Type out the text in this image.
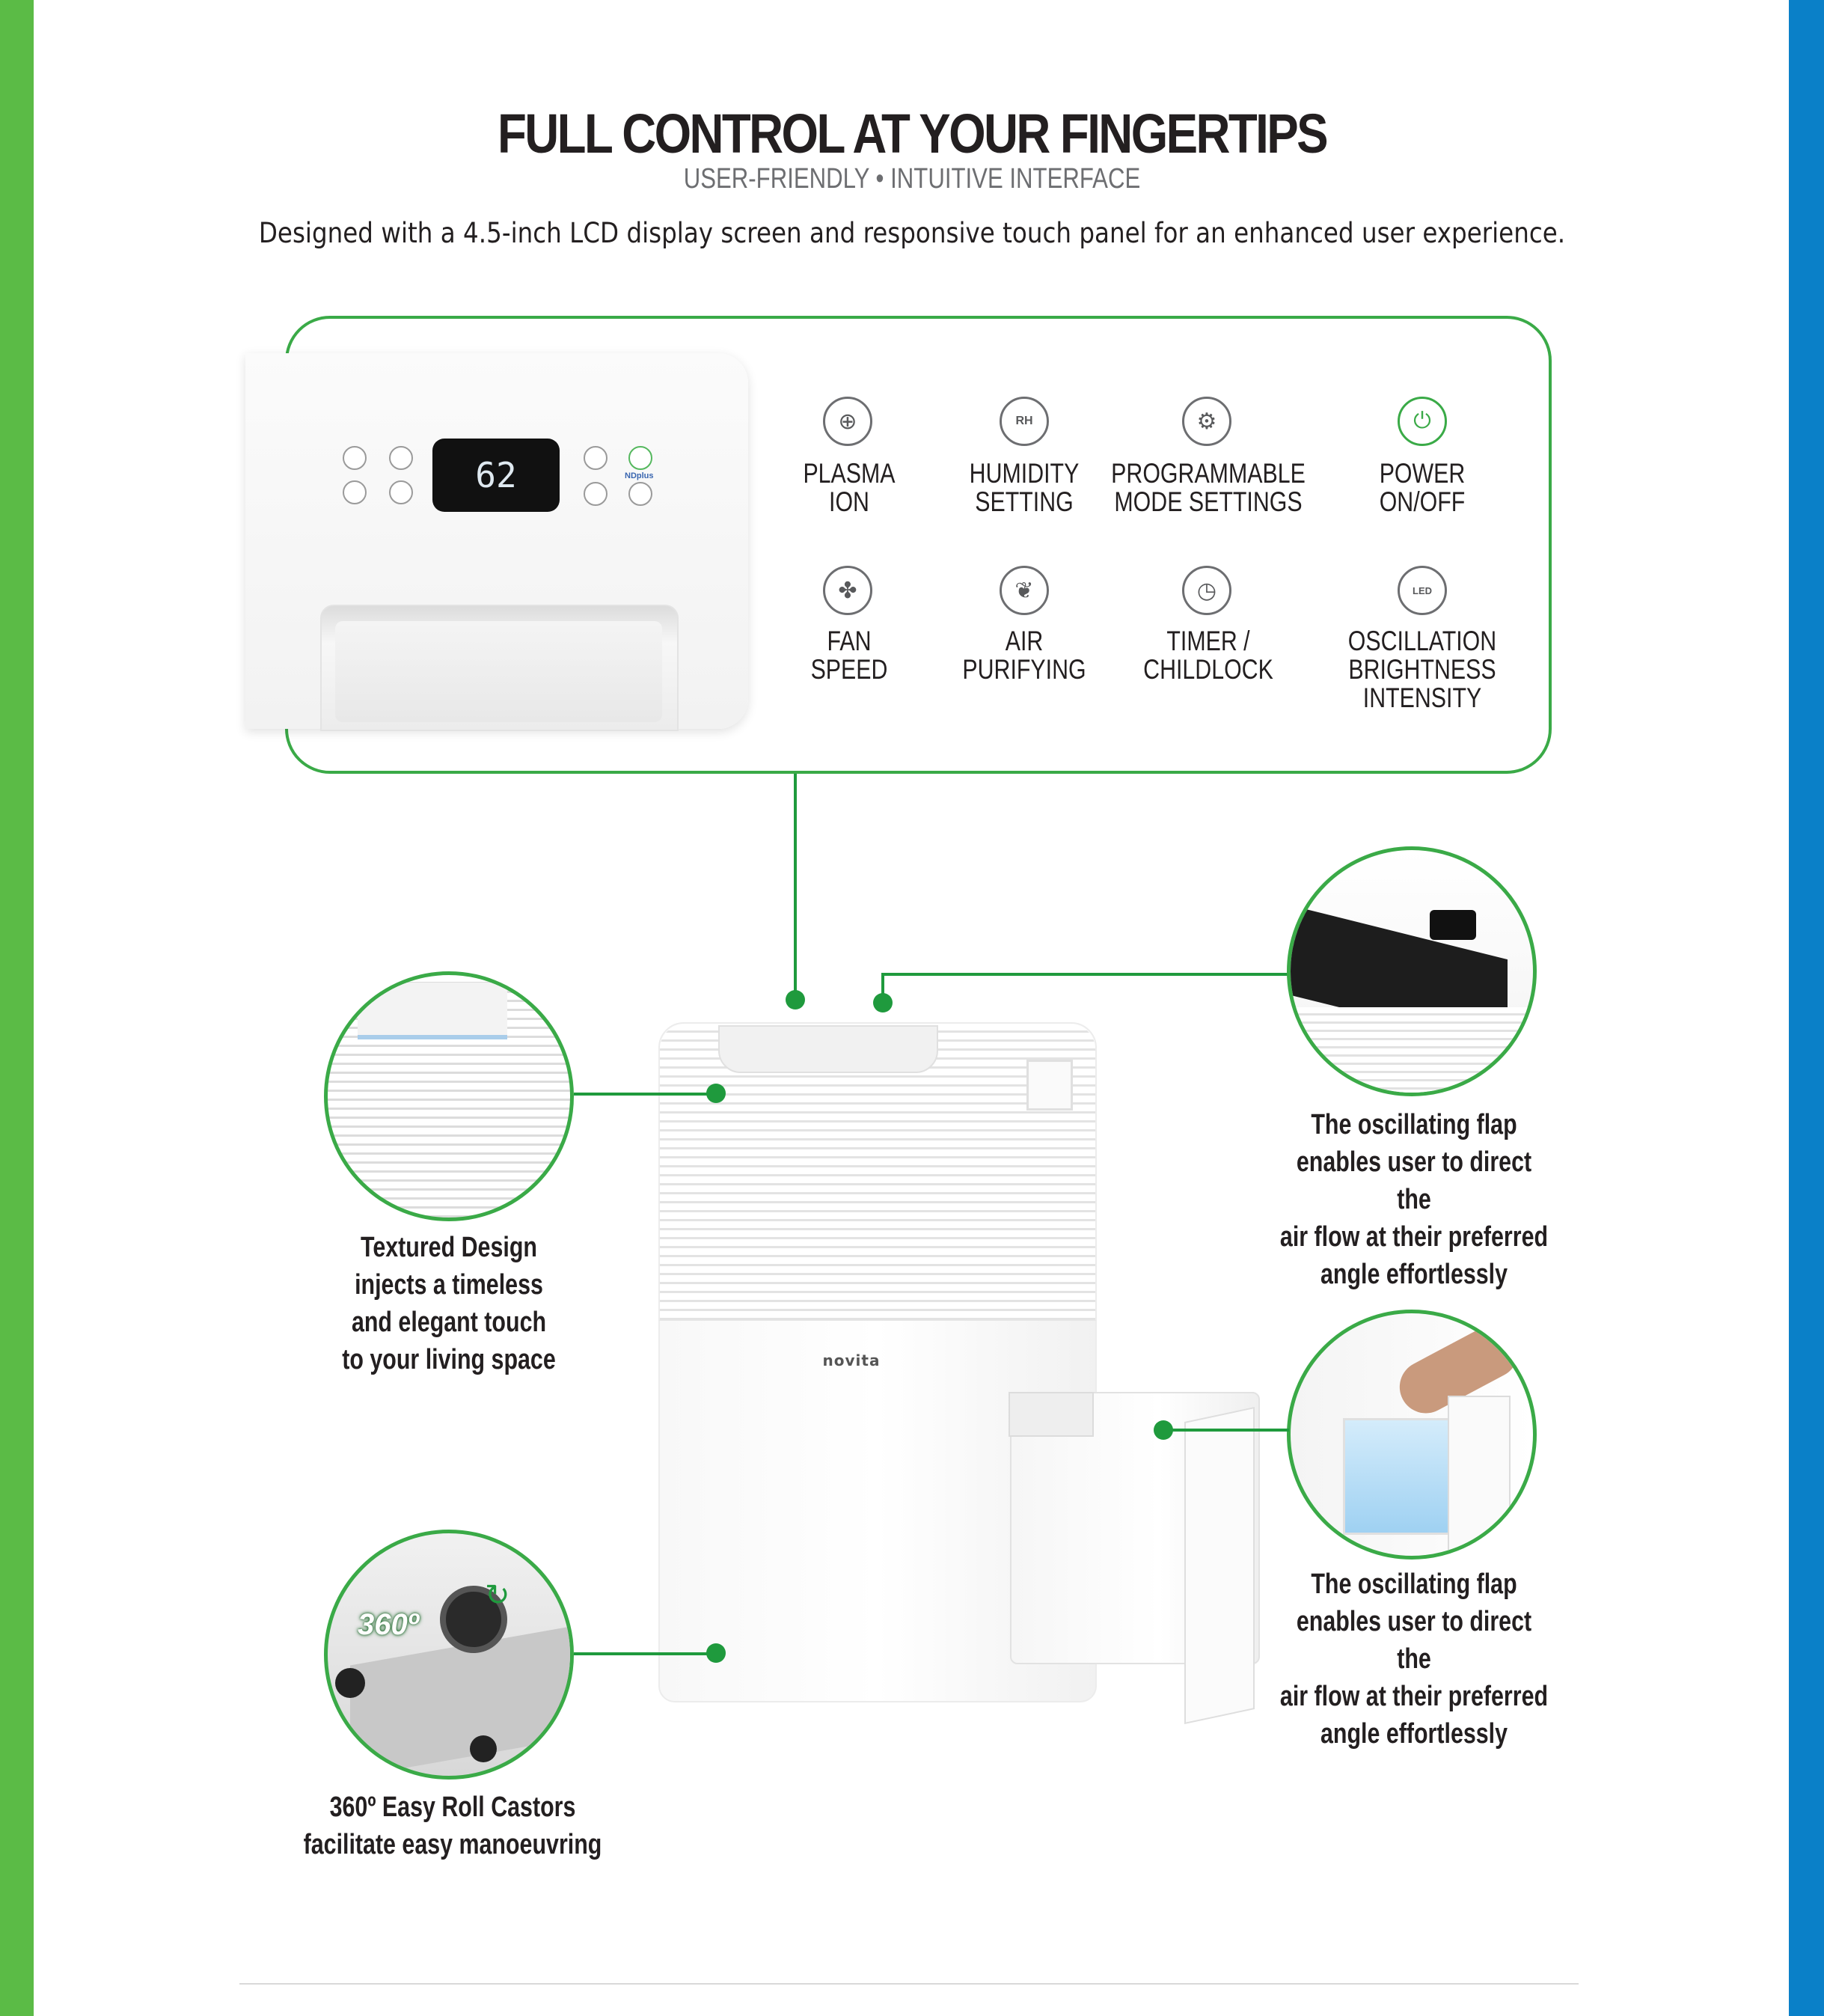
FULL CONTROL AT YOUR FINGERTIPS
USER-FRIENDLY • INTUITIVE INTERFACE
Designed with a 4.5-inch LCD display screen and responsive touch panel for an enhanced user experience.
62	NDplus
⊕
PLASMA
ION
RH
HUMIDITY
SETTING
⚙
PROGRAMMABLE
MODE SETTINGS
⏻
POWER
ON/OFF
✤
FAN
SPEED
❦
AIR
PURIFYING
◷
TIMER /
CHILDLOCK
LED
OSCILLATION
BRIGHTNESS
INTENSITY
novita
The oscillating flap
enables user to direct the
air flow at their preferred
angle effortlessly
Textured Design
injects a timeless
and elegant touch
to your living space
The oscillating flap
enables user to direct the
air flow at their preferred
angle effortlessly
↻
360º
360º Easy Roll Castors
facilitate easy manoeuvring
